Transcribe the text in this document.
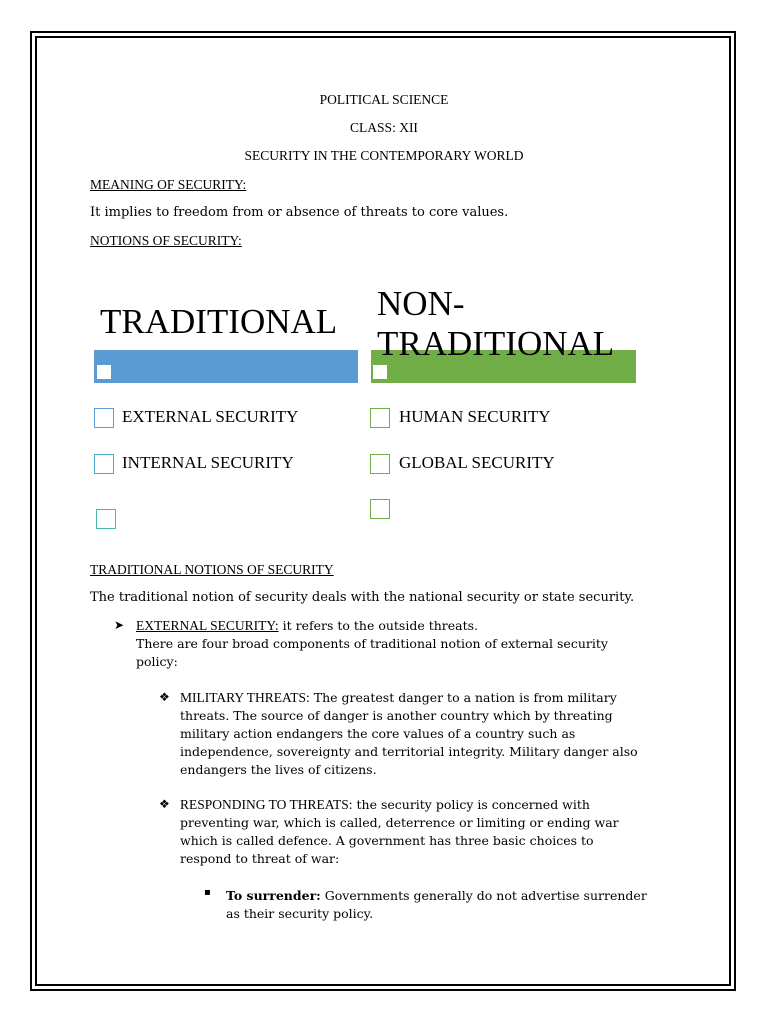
POLITICAL SCIENCE
CLASS: XII
SECURITY IN THE CONTEMPORARY WORLD
MEANING OF SECURITY:
It implies to freedom from or absence of threats to core values.
NOTIONS OF SECURITY:
TRADITIONAL NON-
TRADITIONAL
EXTERNAL SECURITY
INTERNAL SECURITY
HUMAN SECURITY
GLOBAL SECURITY
TRADITIONAL NOTIONS OF SECURITY
The traditional notion of security deals with the national security or state security.
➤ EXTERNAL SECURITY: it refers to the outside threats.
There are four broad components of traditional notion of external security
policy:
❖ MILITARY THREATS: The greatest danger to a nation is from military
threats. The source of danger is another country which by threating
military action endangers the core values of a country such as
independence, sovereignty and territorial integrity. Military danger also
endangers the lives of citizens.
❖ RESPONDING TO THREATS: the security policy is concerned with
preventing war, which is called, deterrence or limiting or ending war
which is called defence. A government has three basic choices to
respond to threat of war:
▪ To surrender: Governments generally do not advertise surrender
as their security policy.
